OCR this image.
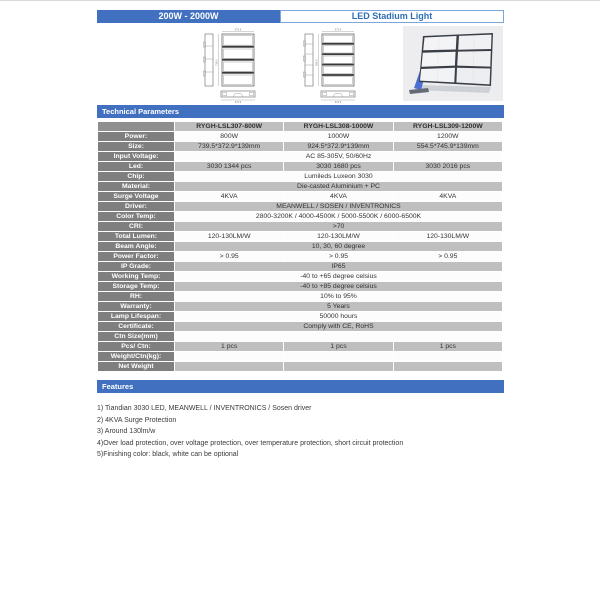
200W - 2000W	LED Stadium Light
739.5
372.9
372.9
924.5
372.9
372.9
Technical Parameters
	RYGH-LSL307-800W	RYGH-LSL308-1000W	RYGH-LSL309-1200W
Power:	800W	1000W	1200W
Size:	739.5*372.9*139mm	924.5*372.9*139mm	554.5*745.9*139mm
Input Voltage:	AC 85-305V, 50/60Hz		
Led:	3030 1344 pcs	3030 1680 pcs	3030 2016 pcs
Chip:	Lumileds Luxeon 3030		
Material:	Die-casted Aluminium + PC		
Surge Voltage	4KVA	4KVA	4KVA
Driver:	MEANWELL / SOSEN / INVENTRONICS		
Color Temp:	2800-3200K / 4000-4500K / 5000-5500K / 6000-6500K		
CRI:	>70		
Total Lumen:	120-130LM/W	120-130LM/W	120-130LM/W
Beam Angle:	10, 30, 60 degree		
Power Factor:	> 0.95	> 0.95	> 0.95
IP Grade:	IP65		
Working Temp:	-40 to +65 degree celsius		
Storage Temp:	-40 to +85 degree celsius		
RH:	10% to 95%		
Warranty:	5 Years		
Lamp Lifespan:	50000 hours		
Certificate:	Comply with CE, RoHS		
Ctn Size(mm)			
Pcs/ Ctn:	1 pcs	1 pcs	1 pcs
Weight/Ctn(kg):			
Net Weight			
Features
1) Tiandian 3030 LED, MEANWELL / INVENTRONICS / Sosen driver
2) 4KVA Surge Protection
3) Around 130lm/w
4)Over load protection, over voltage protection, over temperature protection, short circuit protection
5)Finishing color: black, white can be optional
